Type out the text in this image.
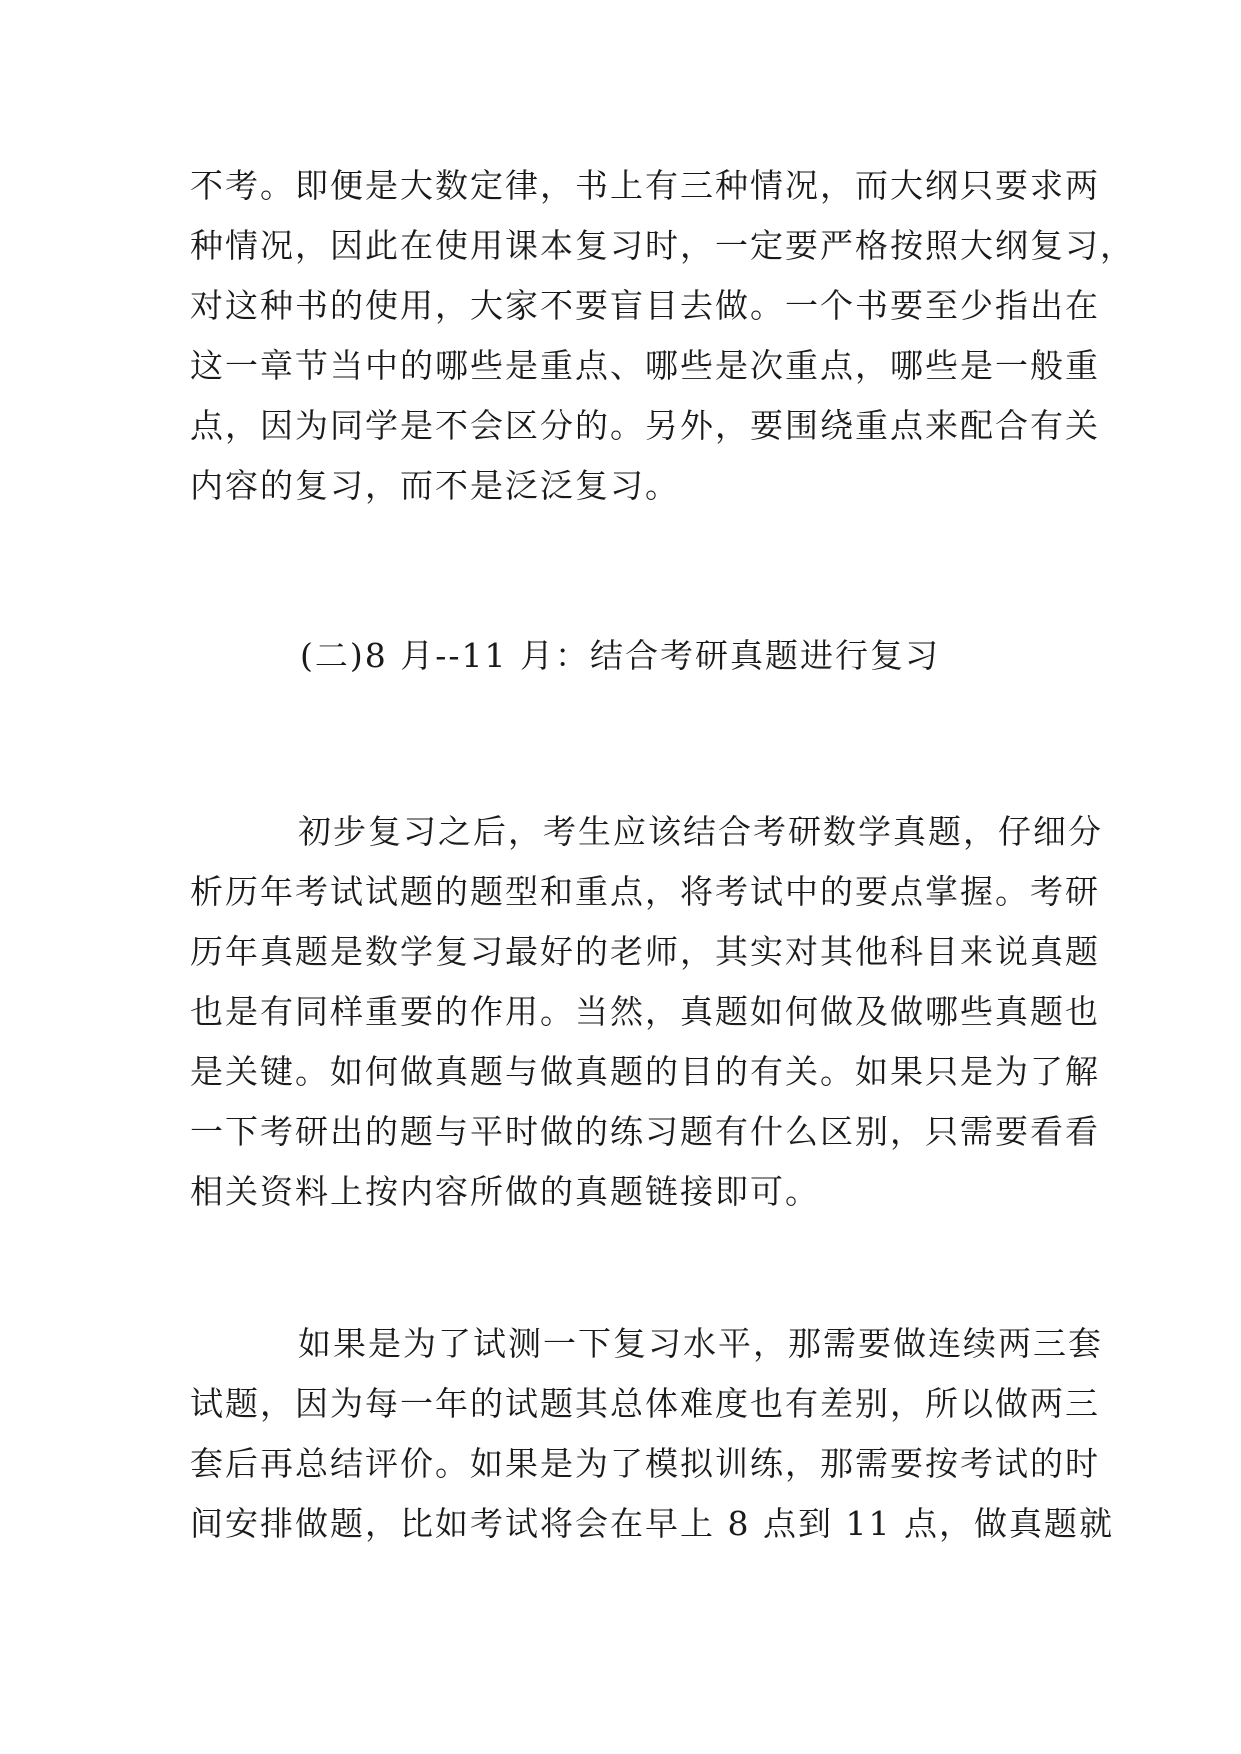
不考。即便是大数定律，书上有三种情况，而大纲只要求两
种情况，因此在使用课本复习时，一定要严格按照大纲复习，
对这种书的使用，大家不要盲目去做。一个书要至少指出在
这一章节当中的哪些是重点、哪些是次重点，哪些是一般重
点，因为同学是不会区分的。另外，要围绕重点来配合有关
内容的复习，而不是泛泛复习。

(二)8 月--11 月：结合考研真题进行复习

初步复习之后，考生应该结合考研数学真题，仔细分
析历年考试试题的题型和重点，将考试中的要点掌握。考研
历年真题是数学复习最好的老师，其实对其他科目来说真题
也是有同样重要的作用。当然，真题如何做及做哪些真题也
是关键。如何做真题与做真题的目的有关。如果只是为了解
一下考研出的题与平时做的练习题有什么区别，只需要看看
相关资料上按内容所做的真题链接即可。
如果是为了试测一下复习水平，那需要做连续两三套
试题，因为每一年的试题其总体难度也有差别，所以做两三
套后再总结评价。如果是为了模拟训练，那需要按考试的时
间安排做题，比如考试将会在早上 8 点到 11 点，做真题就
